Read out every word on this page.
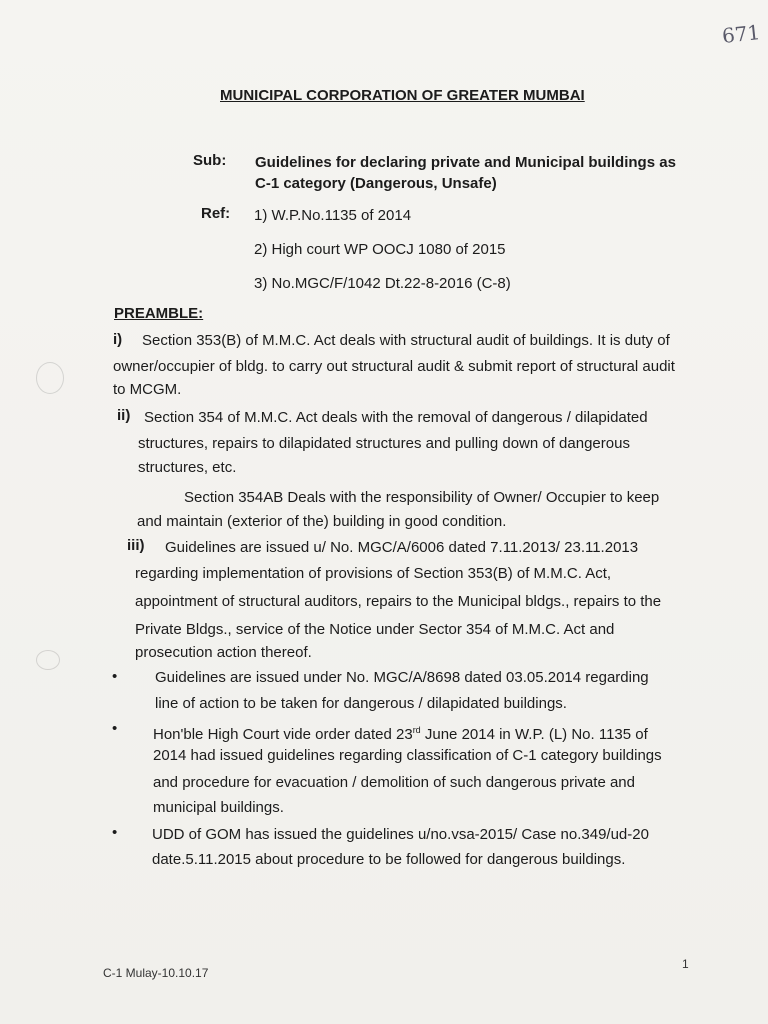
671
MUNICIPAL CORPORATION OF GREATER MUMBAI
Sub: Guidelines for declaring private and Municipal buildings as
C-1 category (Dangerous, Unsafe)
Ref: 1) W.P.No.1135 of 2014
2) High court WP OOCJ 1080 of 2015
3) No.MGC/F/1042 Dt.22-8-2016 (C-8)
PREAMBLE:
i) Section 353(B) of M.M.C. Act deals with structural audit of buildings. It is duty of
owner/occupier of bldg. to carry out structural audit & submit report of structural audit
to MCGM.
ii) Section 354 of M.M.C. Act deals with the removal of dangerous / dilapidated
structures, repairs to dilapidated structures and pulling down of dangerous
structures, etc.
Section 354AB Deals with the responsibility of Owner/ Occupier to keep
and maintain (exterior of the) building in good condition.
iii) Guidelines are issued u/ No. MGC/A/6006 dated 7.11.2013/ 23.11.2013
regarding implementation of provisions of Section 353(B) of M.M.C. Act,
appointment of structural auditors, repairs to the Municipal bldgs., repairs to the
Private Bldgs., service of the Notice under Sector 354 of M.M.C. Act and
prosecution action thereof.
•	Guidelines are issued under No. MGC/A/8698 dated 03.05.2014 regarding
line of action to be taken for dangerous / dilapidated buildings.
• Hon'ble High Court vide order dated 23rd June 2014 in W.P. (L) No. 1135 of
2014 had issued guidelines regarding classification of C-1 category buildings
and procedure for evacuation / demolition of such dangerous private and
municipal buildings.
• UDD of GOM has issued the guidelines u/no.vsa-2015/ Case no.349/ud-20
date.5.11.2015 about procedure to be followed for dangerous buildings.
C-1 Mulay-10.10.17
1
